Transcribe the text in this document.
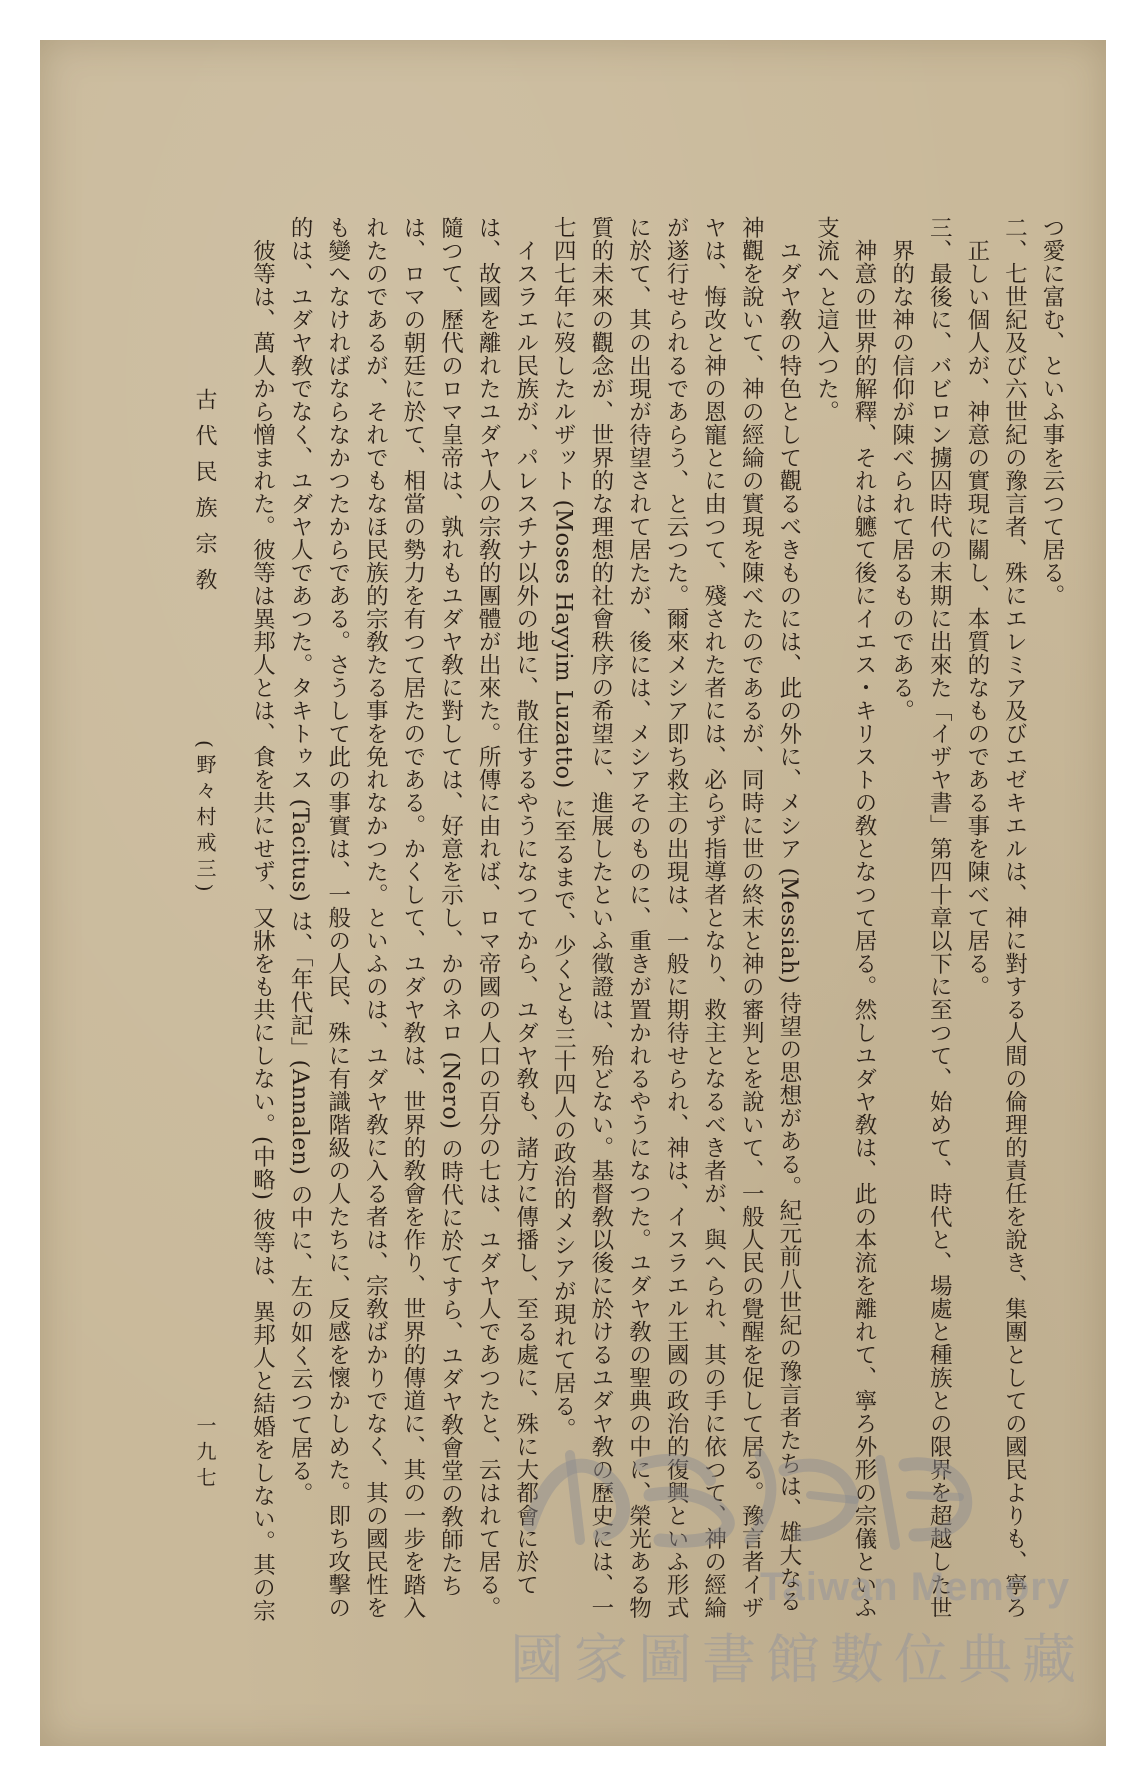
つ愛に富む、といふ事を云つて居る。

二、七世紀及び六世紀の豫言者、殊にエレミア及びエゼキエルは、神に對する人間の倫理的責任を說き、集團としての國民よりも、寧ろ正しい個人が、神意の實現に關し、本質的なものである事を陳べて居る。

三、最後に、バビロン擄囚時代の末期に出來た「イザヤ書」第四十章以下に至つて、始めて、時代と、場處と種族との限界を超越した世界的な神の信仰が陳べられて居るものである。

神意の世界的解釋、それは軈て後にイエス・キリストの敎となつて居る。然しユダヤ敎は、此の本流を離れて、寧ろ外形の宗儀といふ支流へと這入つた。

ユダヤ敎の特色として觀るべきものには、此の外に、メシア (Messiah) 待望の思想がある。紀元前八世紀の豫言者たちは、雄大なる神觀を說いて、神の經綸の實現を陳べたのであるが、同時に世の終末と神の審判とを說いて、一般人民の覺醒を促して居る。豫言者イザヤは、悔改と神の恩寵とに由つて、殘された者には、必らず指導者となり、救主となるべき者が、與へられ、其の手に依つて、神の經綸が遂行せられるであらう、と云つた。爾來メシア即ち救主の出現は、一般に期待せられ、神は、イスラエル王國の政治的復興といふ形式に於て、其の出現が待望されて居たが、後には、メシアそのものに、重きが置かれるやうになつた。ユダヤ敎の聖典の中に、榮光ある物質的未來の觀念が、世界的な理想的社會秩序の希望に、進展したといふ徵證は、殆どない。基督敎以後に於けるユダヤ敎の歷史には、一七四七年に歿したルザット (Moses Hayyim Luzatto) に至るまで、少くとも三十四人の政治的メシアが現れて居る。

イスラエル民族が、パレスチナ以外の地に、散住するやうになつてから、ユダヤ敎も、諸方に傳播し、至る處に、殊に大都會に於ては、故國を離れたユダヤ人の宗敎的團體が出來た。所傳に由れば、ロマ帝國の人口の百分の七は、ユダヤ人であつたと、云はれて居る。隨つて、歷代のロマ皇帝は、孰れもユダヤ敎に對しては、好意を示し、かのネロ (Nero) の時代に於てすら、ユダヤ敎會堂の敎師たちは、ロマの朝廷に於て、相當の勢力を有つて居たのである。かくして、ユダヤ敎は、世界的敎會を作り、世界的傳道に、其の一步を踏入れたのであるが、それでもなほ民族的宗敎たる事を免れなかつた。といふのは、ユダヤ敎に入る者は、宗敎ばかりでなく、其の國民性をも變へなければならなかつたからである。さうして此の事實は、一般の人民、殊に有識階級の人たちに、反感を懷かしめた。即ち攻擊の的は、ユダヤ敎でなく、ユダヤ人であつた。タキトゥス (Tacitus) は、「年代記」(Annalen) の中に、左の如く云つて居る。

彼等は、萬人から憎まれた。彼等は異邦人とは、食を共にせず、又牀をも共にしない。(中略) 彼等は、異邦人と結婚をしない。其の宗

古代民族宗敎
(野々村戒三)
一九七
Taiwan Memory
國家圖書館數位典藏
